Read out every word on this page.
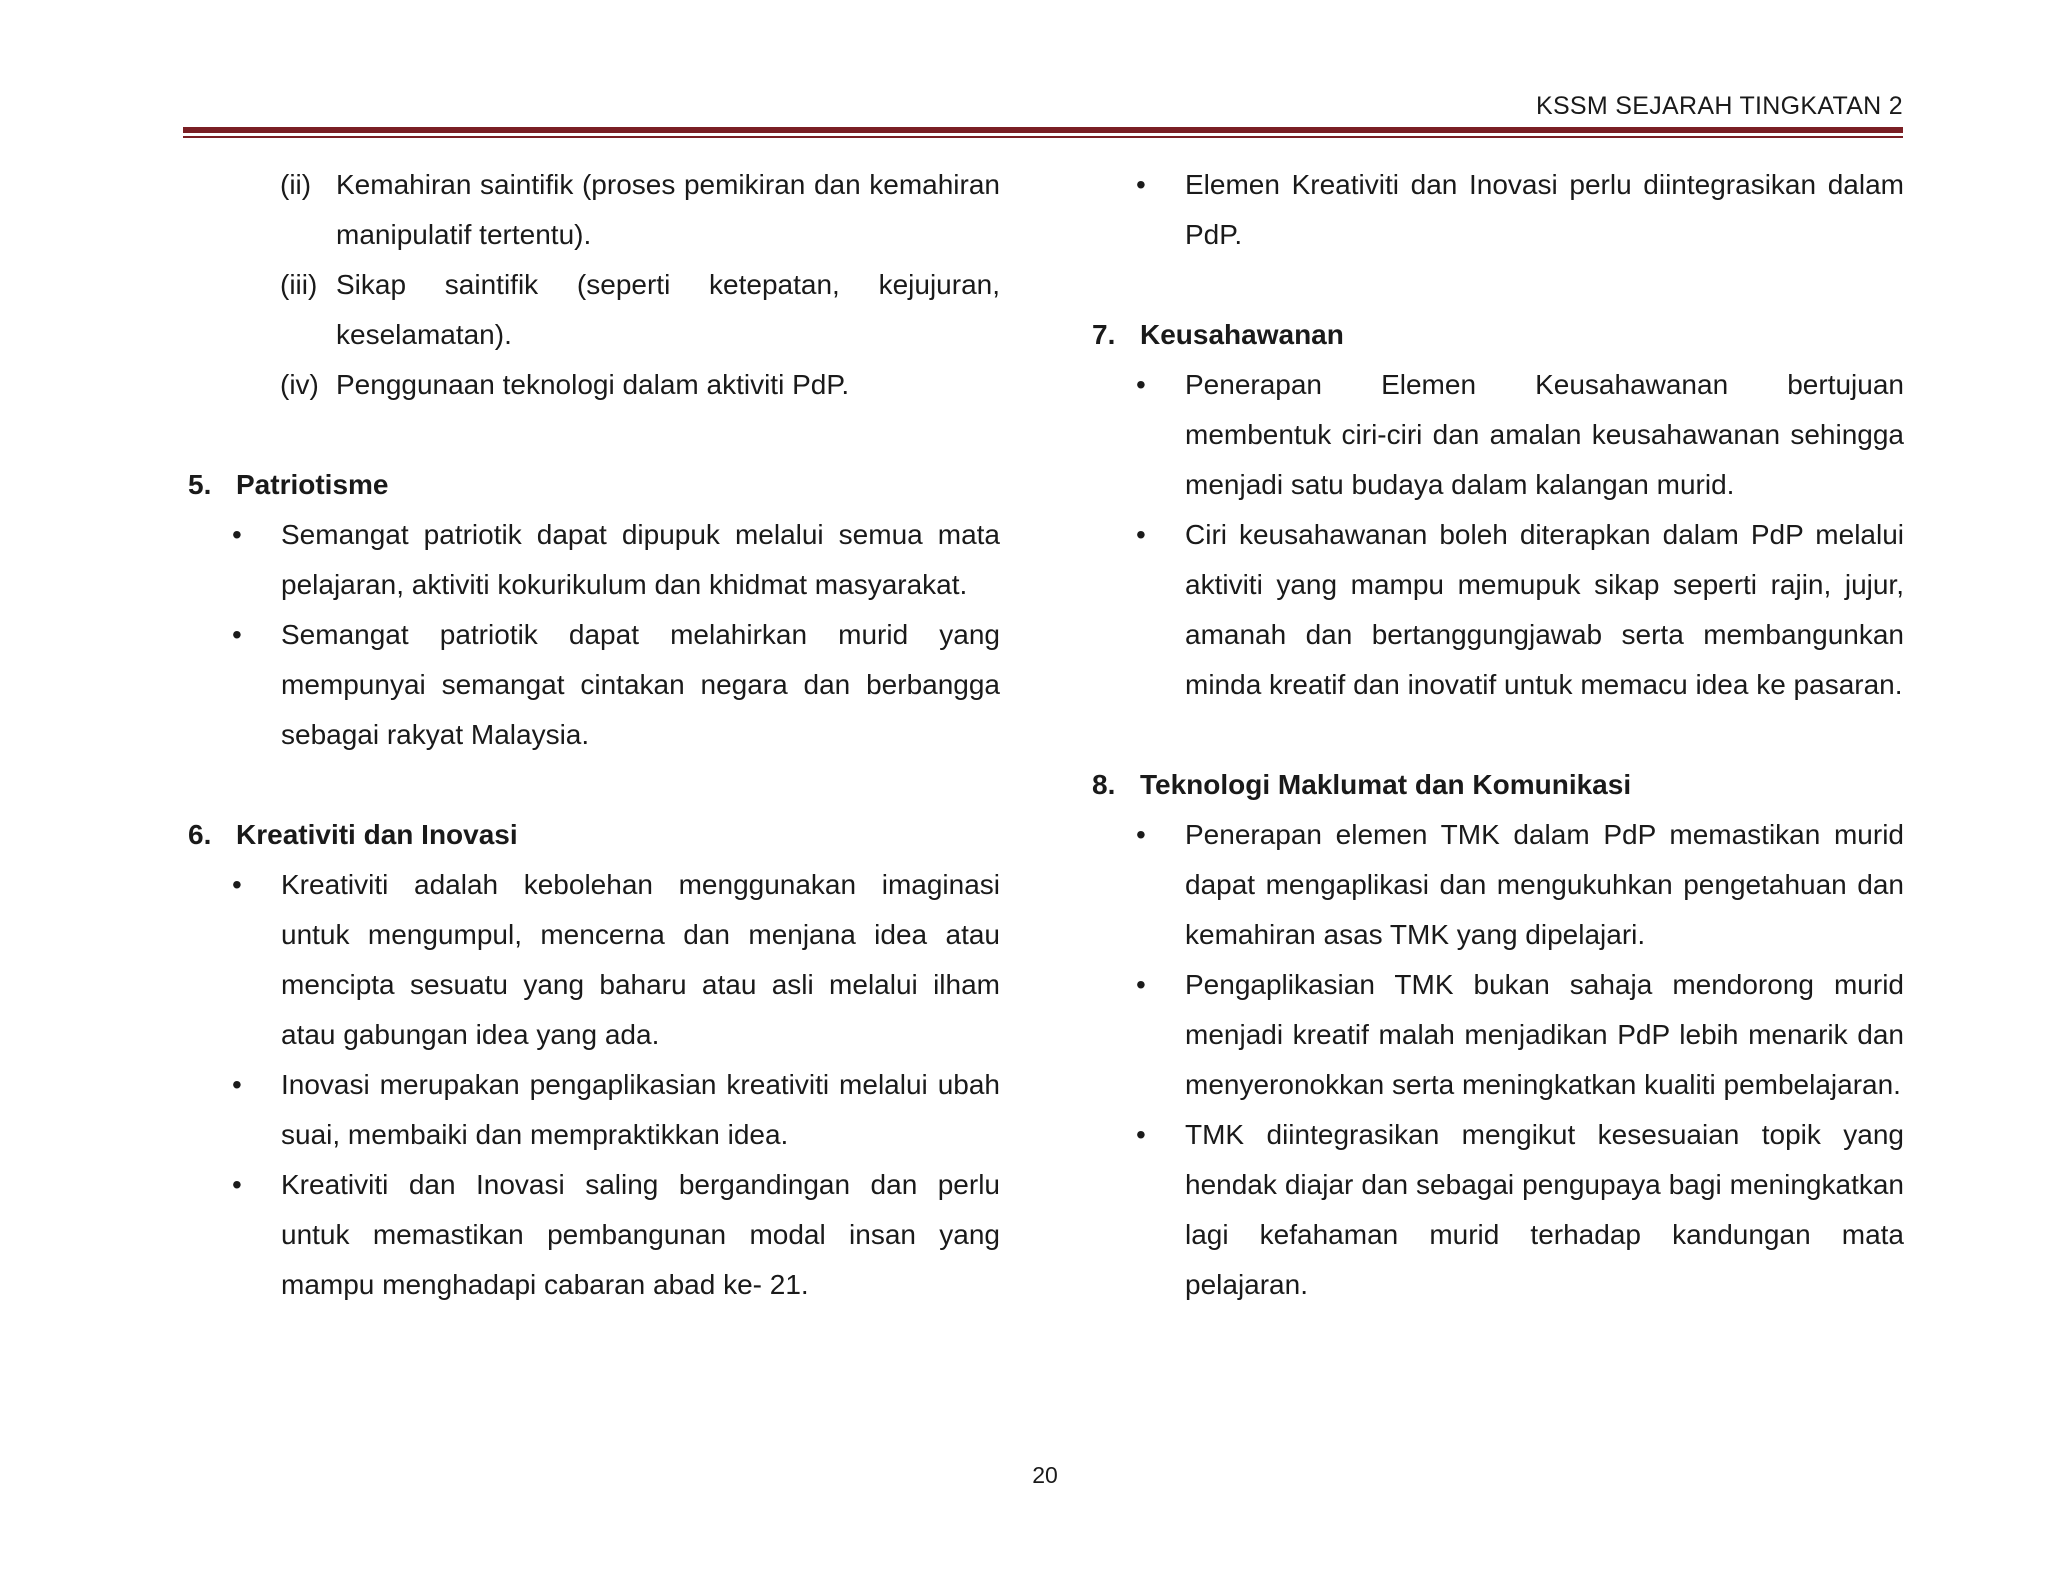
KSSM SEJARAH TINGKATAN 2
(ii) Kemahiran saintifik (proses pemikiran dan kemahiran manipulatif tertentu).
(iii) Sikap saintifik (seperti ketepatan, kejujuran, keselamatan).
(iv) Penggunaan teknologi dalam aktiviti PdP.
5. Patriotisme
• Semangat patriotik dapat dipupuk melalui semua mata pelajaran, aktiviti kokurikulum dan khidmat masyarakat.
• Semangat patriotik dapat melahirkan murid yang mempunyai semangat cintakan negara dan berbangga sebagai rakyat Malaysia.
6. Kreativiti dan Inovasi
• Kreativiti adalah kebolehan menggunakan imaginasi untuk mengumpul, mencerna dan menjana idea atau mencipta sesuatu yang baharu atau asli melalui ilham atau gabungan idea yang ada.
• Inovasi merupakan pengaplikasian kreativiti melalui ubah suai, membaiki dan mempraktikkan idea.
• Kreativiti dan Inovasi saling bergandingan dan perlu untuk memastikan pembangunan modal insan yang mampu menghadapi cabaran abad ke- 21.
• Elemen Kreativiti dan Inovasi perlu diintegrasikan dalam PdP.
7. Keusahawanan
• Penerapan Elemen Keusahawanan bertujuan membentuk ciri-ciri dan amalan keusahawanan sehingga menjadi satu budaya dalam kalangan murid.
• Ciri keusahawanan boleh diterapkan dalam PdP melalui aktiviti yang mampu memupuk sikap seperti rajin, jujur, amanah dan bertanggungjawab serta membangunkan minda kreatif dan inovatif untuk memacu idea ke pasaran.
8. Teknologi Maklumat dan Komunikasi
• Penerapan elemen TMK dalam PdP memastikan murid dapat mengaplikasi dan mengukuhkan pengetahuan dan kemahiran asas TMK yang dipelajari.
• Pengaplikasian TMK bukan sahaja mendorong murid menjadi kreatif malah menjadikan PdP lebih menarik dan menyeronokkan serta meningkatkan kualiti pembelajaran.
• TMK diintegrasikan mengikut kesesuaian topik yang hendak diajar dan sebagai pengupaya bagi meningkatkan lagi kefahaman murid terhadap kandungan mata pelajaran.
20
